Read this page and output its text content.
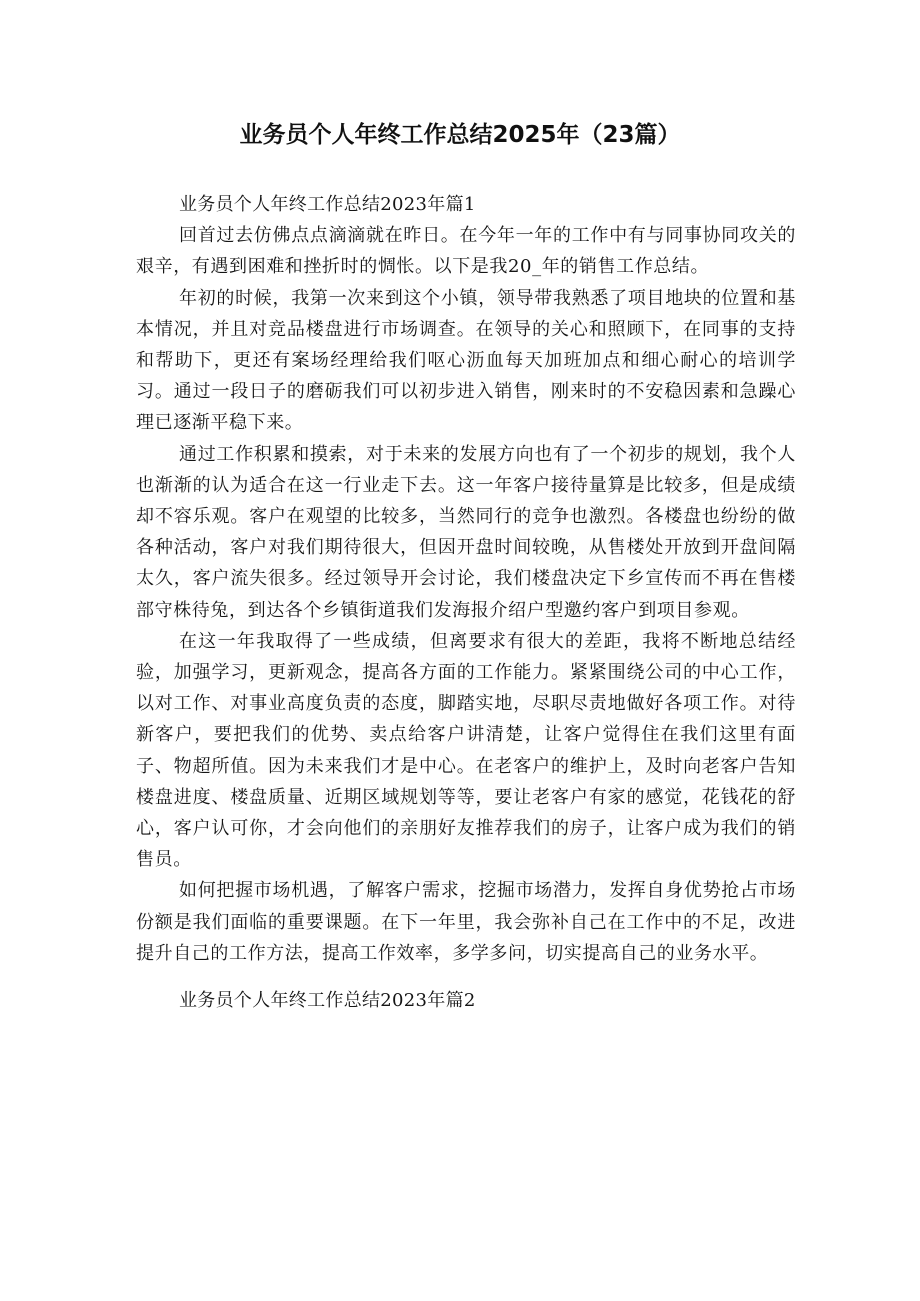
业务员个人年终工作总结2025年（23篇）

业务员个人年终工作总结2023年篇1

回首过去仿佛点点滴滴就在昨日。在今年一年的工作中有与同事协同攻关的艰辛，有遇到困难和挫折时的惆怅。以下是我20_年的销售工作总结。

年初的时候，我第一次来到这个小镇，领导带我熟悉了项目地块的位置和基本情况，并且对竞品楼盘进行市场调查。在领导的关心和照顾下，在同事的支持和帮助下，更还有案场经理给我们呕心沥血每天加班加点和细心耐心的培训学习。通过一段日子的磨砺我们可以初步进入销售，刚来时的不安稳因素和急躁心理已逐渐平稳下来。

通过工作积累和摸索，对于未来的发展方向也有了一个初步的规划，我个人也渐渐的认为适合在这一行业走下去。这一年客户接待量算是比较多，但是成绩却不容乐观。客户在观望的比较多，当然同行的竞争也激烈。各楼盘也纷纷的做各种活动，客户对我们期待很大，但因开盘时间较晚，从售楼处开放到开盘间隔太久，客户流失很多。经过领导开会讨论，我们楼盘决定下乡宣传而不再在售楼部守株待兔，到达各个乡镇街道我们发海报介绍户型邀约客户到项目参观。

在这一年我取得了一些成绩，但离要求有很大的差距，我将不断地总结经验，加强学习，更新观念，提高各方面的工作能力。紧紧围绕公司的中心工作，以对工作、对事业高度负责的态度，脚踏实地，尽职尽责地做好各项工作。对待新客户，要把我们的优势、卖点给客户讲清楚，让客户觉得住在我们这里有面子、物超所值。因为未来我们才是中心。在老客户的维护上，及时向老客户告知楼盘进度、楼盘质量、近期区域规划等等，要让老客户有家的感觉，花钱花的舒心，客户认可你，才会向他们的亲朋好友推荐我们的房子，让客户成为我们的销售员。

如何把握市场机遇，了解客户需求，挖掘市场潜力，发挥自身优势抢占市场份额是我们面临的重要课题。在下一年里，我会弥补自己在工作中的不足，改进提升自己的工作方法，提高工作效率，多学多问，切实提高自己的业务水平。

业务员个人年终工作总结2023年篇2
